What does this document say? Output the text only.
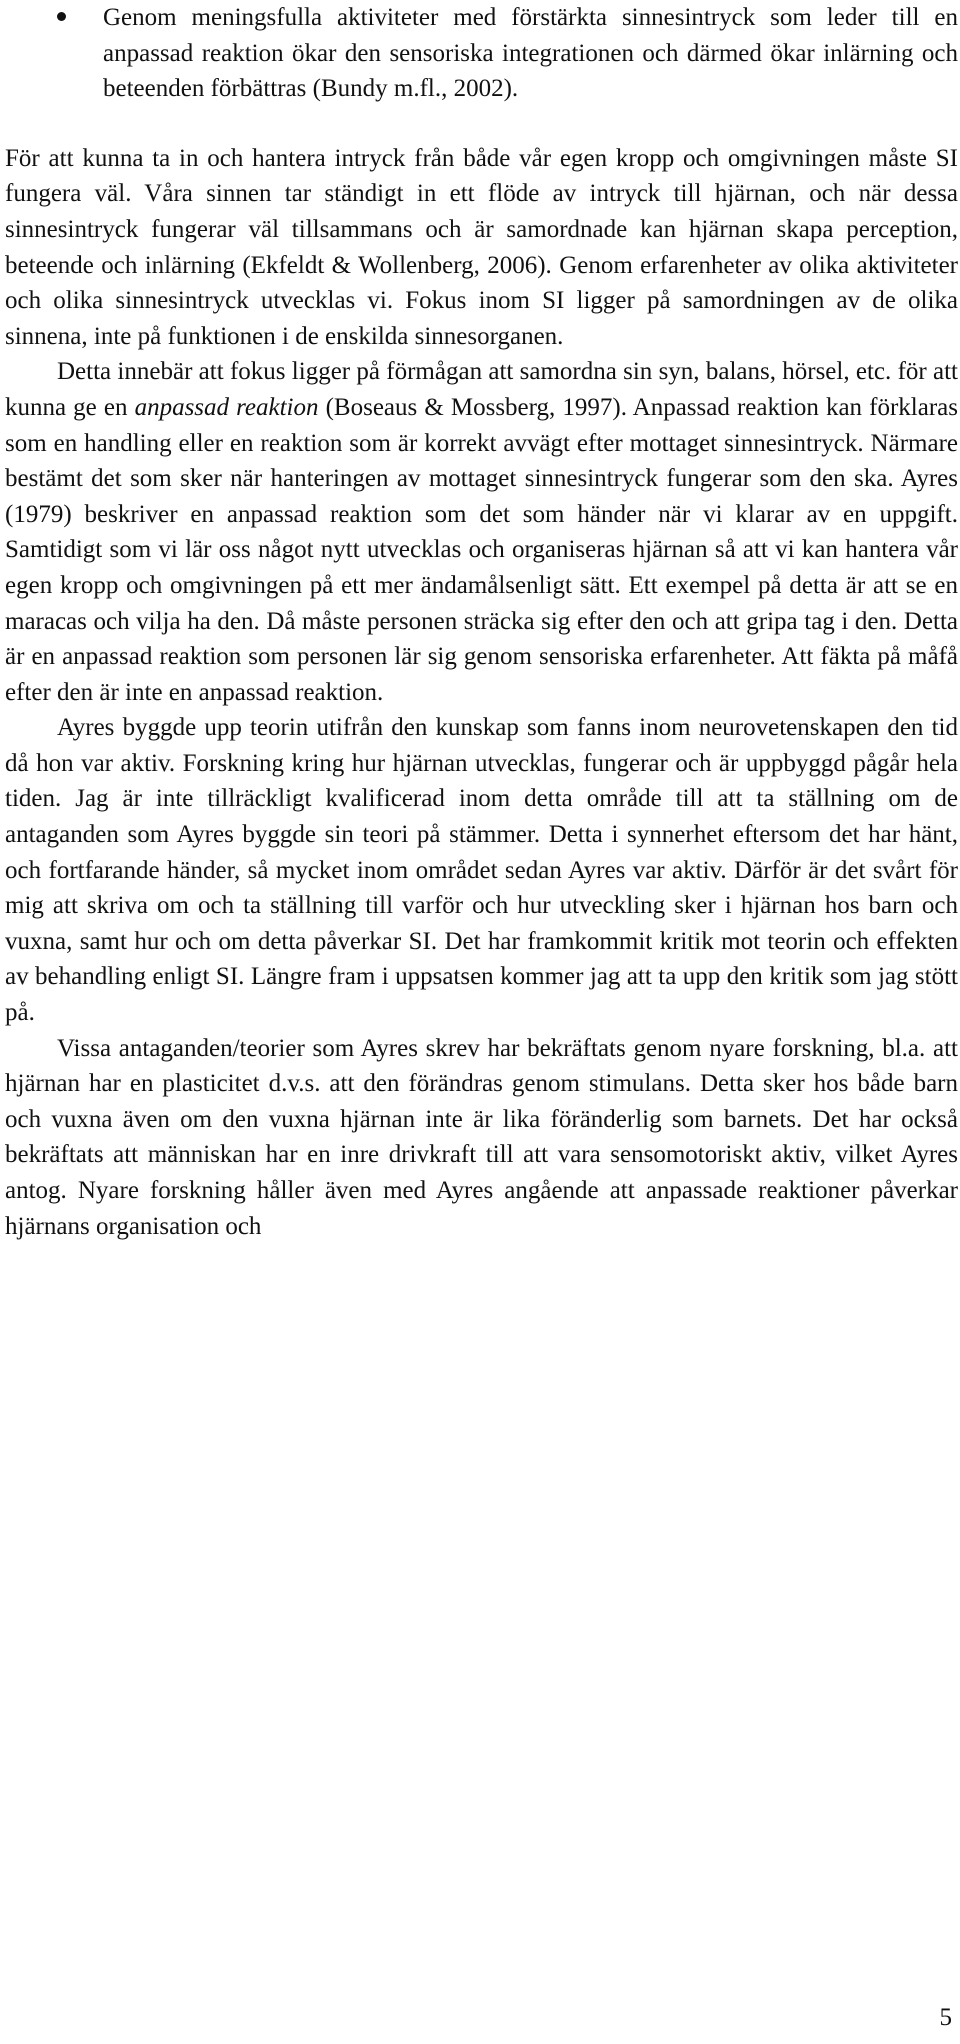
Genom meningsfulla aktiviteter med förstärkta sinnesintryck som leder till en anpassad reaktion ökar den sensoriska integrationen och därmed ökar inlärning och beteenden förbättras (Bundy m.fl., 2002).

För att kunna ta in och hantera intryck från både vår egen kropp och omgivningen måste SI fungera väl. Våra sinnen tar ständigt in ett flöde av intryck till hjärnan, och när dessa sinnesintryck fungerar väl tillsammans och är samordnade kan hjärnan skapa perception, beteende och inlärning (Ekfeldt & Wollenberg, 2006). Genom erfarenheter av olika aktiviteter och olika sinnesintryck utvecklas vi. Fokus inom SI ligger på samordningen av de olika sinnena, inte på funktionen i de enskilda sinnesorganen.

Detta innebär att fokus ligger på förmågan att samordna sin syn, balans, hörsel, etc. för att kunna ge en anpassad reaktion (Boseaus & Mossberg, 1997). Anpassad reaktion kan förklaras som en handling eller en reaktion som är korrekt avvägt efter mottaget sinnesintryck. Närmare bestämt det som sker när hanteringen av mottaget sinnesintryck fungerar som den ska. Ayres (1979) beskriver en anpassad reaktion som det som händer när vi klarar av en uppgift. Samtidigt som vi lär oss något nytt utvecklas och organiseras hjärnan så att vi kan hantera vår egen kropp och omgivningen på ett mer ändamålsenligt sätt. Ett exempel på detta är att se en maracas och vilja ha den. Då måste personen sträcka sig efter den och att gripa tag i den. Detta är en anpassad reaktion som personen lär sig genom sensoriska erfarenheter. Att fäkta på måfå efter den är inte en anpassad reaktion.

Ayres byggde upp teorin utifrån den kunskap som fanns inom neurovetenskapen den tid då hon var aktiv. Forskning kring hur hjärnan utvecklas, fungerar och är uppbyggd pågår hela tiden. Jag är inte tillräckligt kvalificerad inom detta område till att ta ställning om de antaganden som Ayres byggde sin teori på stämmer. Detta i synnerhet eftersom det har hänt, och fortfarande händer, så mycket inom området sedan Ayres var aktiv. Därför är det svårt för mig att skriva om och ta ställning till varför och hur utveckling sker i hjärnan hos barn och vuxna, samt hur och om detta påverkar SI. Det har framkommit kritik mot teorin och effekten av behandling enligt SI. Längre fram i uppsatsen kommer jag att ta upp den kritik som jag stött på.

Vissa antaganden/teorier som Ayres skrev har bekräftats genom nyare forskning, bl.a. att hjärnan har en plasticitet d.v.s. att den förändras genom stimulans. Detta sker hos både barn och vuxna även om den vuxna hjärnan inte är lika föränderlig som barnets. Det har också bekräftats att människan har en inre drivkraft till att vara sensomotoriskt aktiv, vilket Ayres antog. Nyare forskning håller även med Ayres angående att anpassade reaktioner påverkar hjärnans organisation och

5
